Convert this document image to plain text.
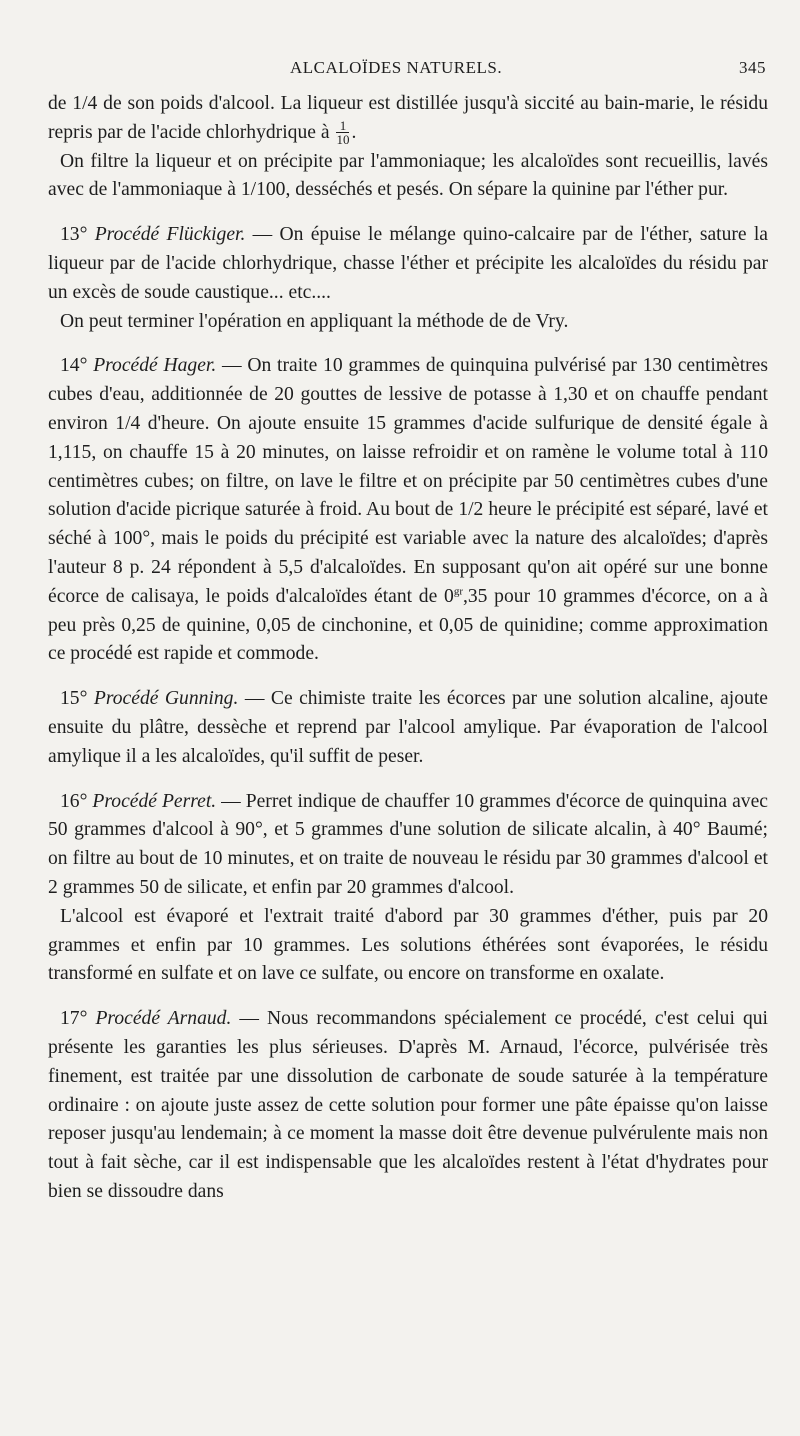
ALCALOÏDES NATURELS.	345

de 1/4 de son poids d'alcool. La liqueur est distillée jusqu'à siccité au bain-marie, le résidu repris par de l'acide chlorhydrique à $\frac{1}{10}$ .

On filtre la liqueur et on précipite par l'ammoniaque; les alcaloïdes sont recueillis, lavés avec de l'ammoniaque à 1/100, desséchés et pesés. On sépare la quinine par l'éther pur.

13° Procédé Flückiger. — On épuise le mélange quino-calcaire par de l'éther, sature la liqueur par de l'acide chlorhydrique, chasse l'éther et précipite les alcaloïdes du résidu par un excès de soude caustique... etc....

On peut terminer l'opération en appliquant la méthode de de Vry.

14° Procédé Hager. — On traite 10 grammes de quinquina pulvérisé par 130 centimètres cubes d'eau, additionnée de 20 gouttes de lessive de potasse à 1,30 et on chauffe pendant environ 1/4 d'heure. On ajoute ensuite 15 grammes d'acide sulfurique de densité égale à 1,115, on chauffe 15 à 20 minutes, on laisse refroidir et on ramène le volume total à 110 centimètres cubes; on filtre, on lave le filtre et on précipite par 50 centimètres cubes d'une solution d'acide picrique saturée à froid. Au bout de 1/2 heure le précipité est séparé, lavé et séché à 100°, mais le poids du précipité est variable avec la nature des alcaloïdes; d'après l'auteur 8 p. 24 répondent à 5,5 d'alcaloïdes. En supposant qu'on ait opéré sur une bonne écorce de calisaya, le poids d'alcaloïdes étant de $0^{gr},35$ pour 10 grammes d'écorce, on a à peu près 0,25 de quinine, 0,05 de cinchonine, et 0,05 de quinidine; comme approximation ce procédé est rapide et commode.

15° Procédé Gunning. — Ce chimiste traite les écorces par une solution alcaline, ajoute ensuite du plâtre, dessèche et reprend par l'alcool amylique. Par évaporation de l'alcool amylique il a les alcaloïdes, qu'il suffit de peser.

16° Procédé Perret. — Perret indique de chauffer 10 grammes d'écorce de quinquina avec 50 grammes d'alcool à 90°, et 5 grammes d'une solution de silicate alcalin, à 40° Baumé; on filtre au bout de 10 minutes, et on traite de nouveau le résidu par 30 grammes d'alcool et 2 grammes 50 de silicate, et enfin par 20 grammes d'alcool.

L'alcool est évaporé et l'extrait traité d'abord par 30 grammes d'éther, puis par 20 grammes et enfin par 10 grammes. Les solutions éthérées sont évaporées, le résidu transformé en sulfate et on lave ce sulfate, ou encore on transforme en oxalate.

17° Procédé Arnaud. — Nous recommandons spécialement ce procédé, c'est celui qui présente les garanties les plus sérieuses. D'après M. Arnaud, l'écorce, pulvérisée très finement, est traitée par une dissolution de carbonate de soude saturée à la température ordinaire : on ajoute juste assez de cette solution pour former une pâte épaisse qu'on laisse reposer jusqu'au lendemain; à ce moment la masse doit être devenue pulvérulente mais non tout à fait sèche, car il est indispensable que les alcaloïdes restent à l'état d'hydrates pour bien se dissoudre dans
